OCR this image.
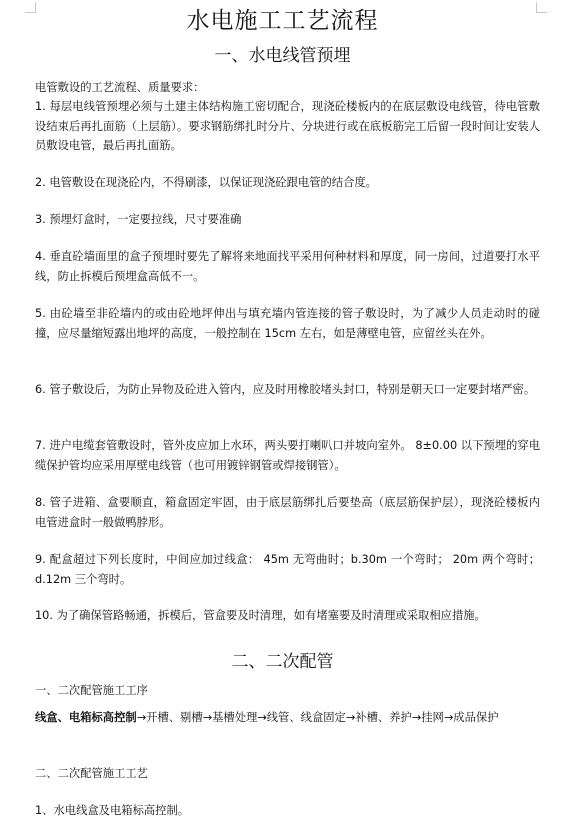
水电施工工艺流程
一、水电线管预埋
电管敷设的工艺流程、质量要求：
1. 每层电线管预埋必须与土建主体结构施工密切配合，现浇砼楼板内的在底层敷设电线管，待电管敷设结束后再扎面筋（上层筋）。要求钢筋绑扎时分片、分块进行或在底板筋完工后留一段时间让安装人员敷设电管，最后再扎面筋。
2. 电管敷设在现浇砼内，不得刷漆，以保证现浇砼跟电管的结合度。
3. 预埋灯盒时，一定要拉线，尺寸要准确
4. 垂直砼墙面里的盒子预埋时要先了解将来地面找平采用何种材料和厚度，同一房间，过道要打水平线，防止拆模后预埋盒高低不一。
5. 由砼墙至非砼墙内的或由砼地坪伸出与填充墙内管连接的管子敷设时，为了减少人员走动时的碰撞，应尽量缩短露出地坪的高度，一般控制在 15cm 左右，如是薄壁电管，应留丝头在外。
6. 管子敷设后，为防止异物及砼进入管内，应及时用橡胶堵头封口，特别是朝天口一定要封堵严密。
7. 进户电缆套管敷设时，管外皮应加上水环，两头要打喇叭口并坡向室外。 8±0.00 以下预埋的穿电缆保护管均应采用厚壁电线管（也可用镀锌钢管或焊接钢管）。
8. 管子进箱、盒要顺直，箱盒固定牢固，由于底层筋绑扎后要垫高（底层筋保护层），现浇砼楼板内电管进盒时一般做鸭脖形。
9. 配盒超过下列长度时，中间应加过线盒： 45m 无弯曲时；b.30m 一个弯时； 20m 两个弯时；d.12m 三个弯时。
10. 为了确保管路畅通，拆模后，管盒要及时清理，如有堵塞要及时清理或采取相应措施。
二、二次配管
一、二次配管施工工序
线盒、电箱标高控制→开槽、剔槽→基槽处理→线管、线盒固定→补槽、养护→挂网→成品保护
二、二次配管施工工艺
1、水电线盒及电箱标高控制。
